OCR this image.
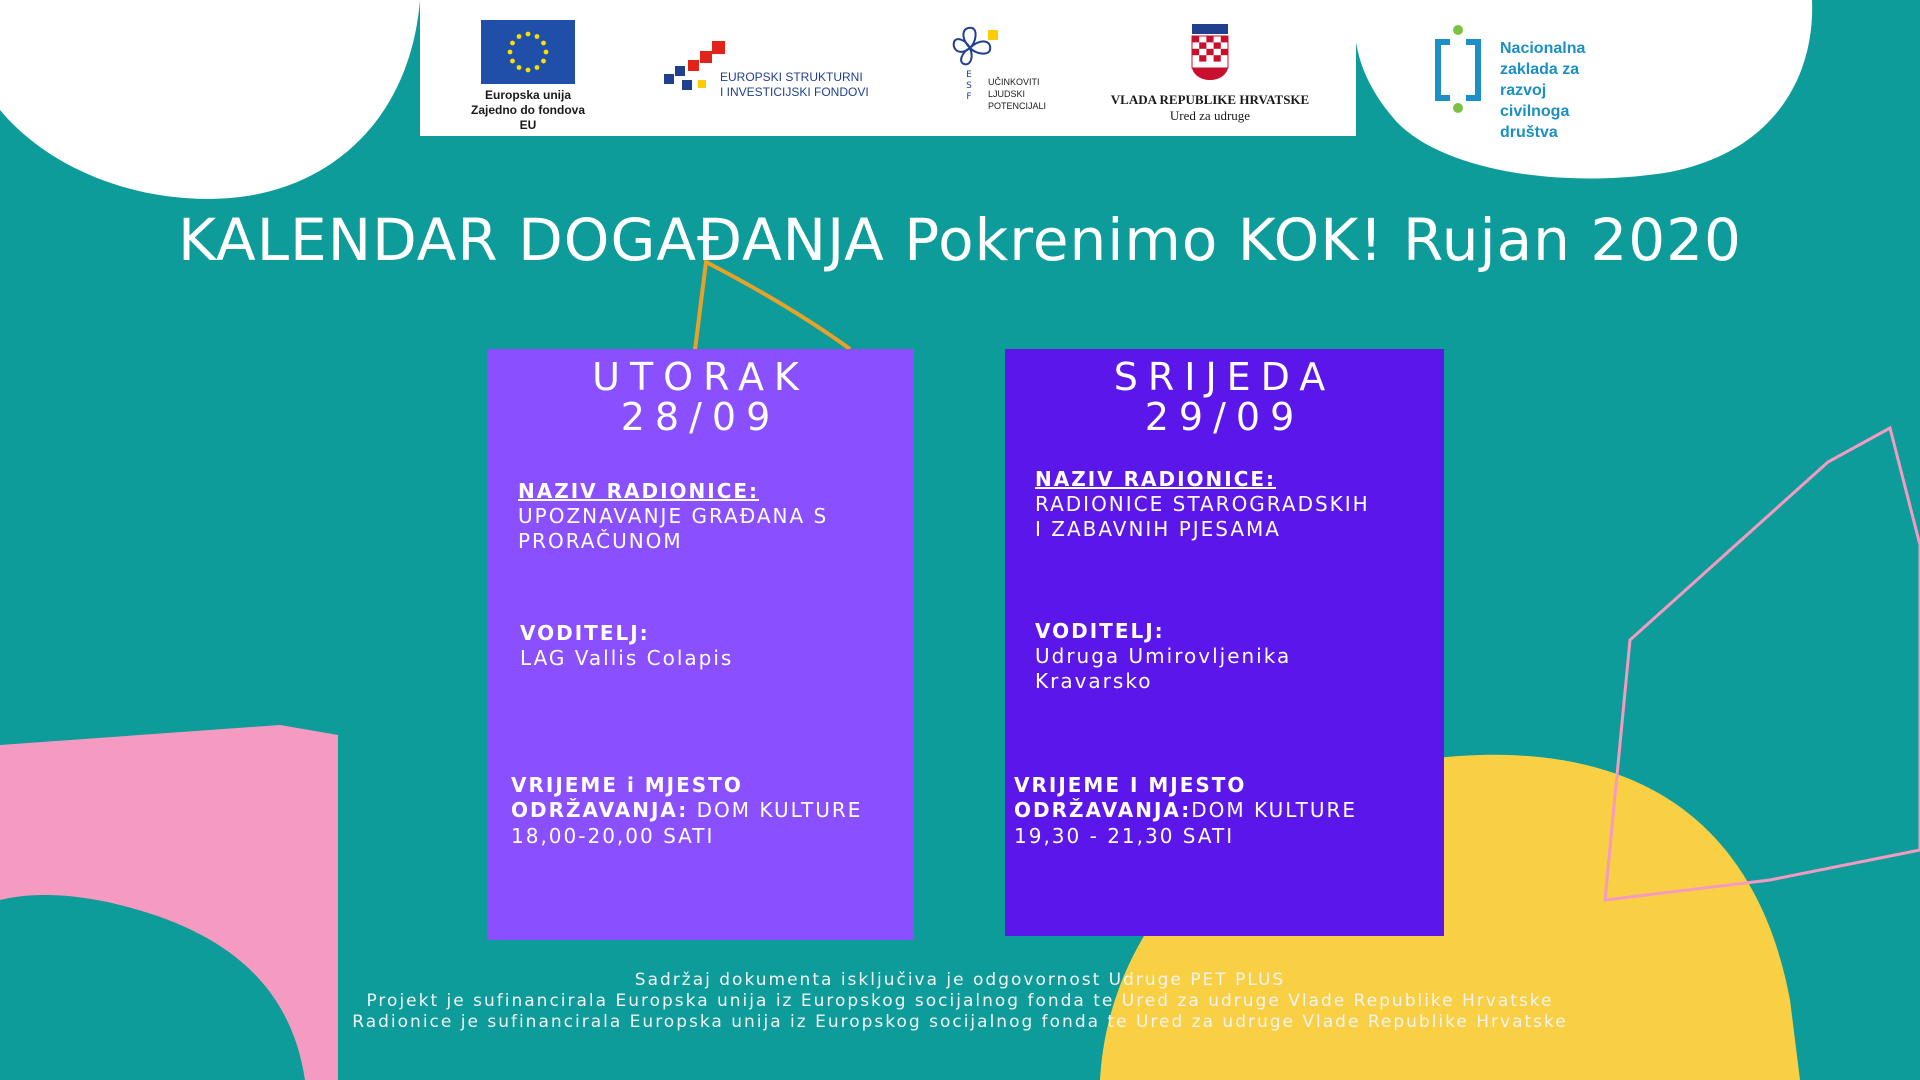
Europska unija
Zajedno do fondova EU
EUROPSKI STRUKTURNI
I INVESTICIJSKI FONDOVI
E S F
UČINKOVITI
LJUDSKI
POTENCIJALI	VLADA REPUBLIKE HRVATSKE
Ured za udruge
Nacionalna
zaklada za
razvoj
civilnoga
društva
KALENDAR DOGAĐANJA Pokrenimo KOK! Rujan 2020
UTORAK
28/09
NAZIV RADIONICE:
UPOZNAVANJE GRAĐANA S
PRORAČUNOM
VODITELJ:
LAG Vallis Colapis
VRIJEME i MJESTO
ODRŽAVANJA: DOM KULTURE
18,00-20,00 SATI
SRIJEDA
29/09
NAZIV RADIONICE:
RADIONICE STAROGRADSKIH
I ZABAVNIH PJESAMA
VODITELJ:
Udruga Umirovljenika
Kravarsko
VRIJEME I MJESTO
ODRŽAVANJA:DOM KULTURE
19,30 - 21,30 SATI
Sadržaj dokumenta isključiva je odgovornost Udruge PET PLUS
Projekt je sufinancirala Europska unija iz Europskog socijalnog fonda te Ured za udruge Vlade Republike Hrvatske
Radionice je sufinancirala Europska unija iz Europskog socijalnog fonda te Ured za udruge Vlade Republike Hrvatske
